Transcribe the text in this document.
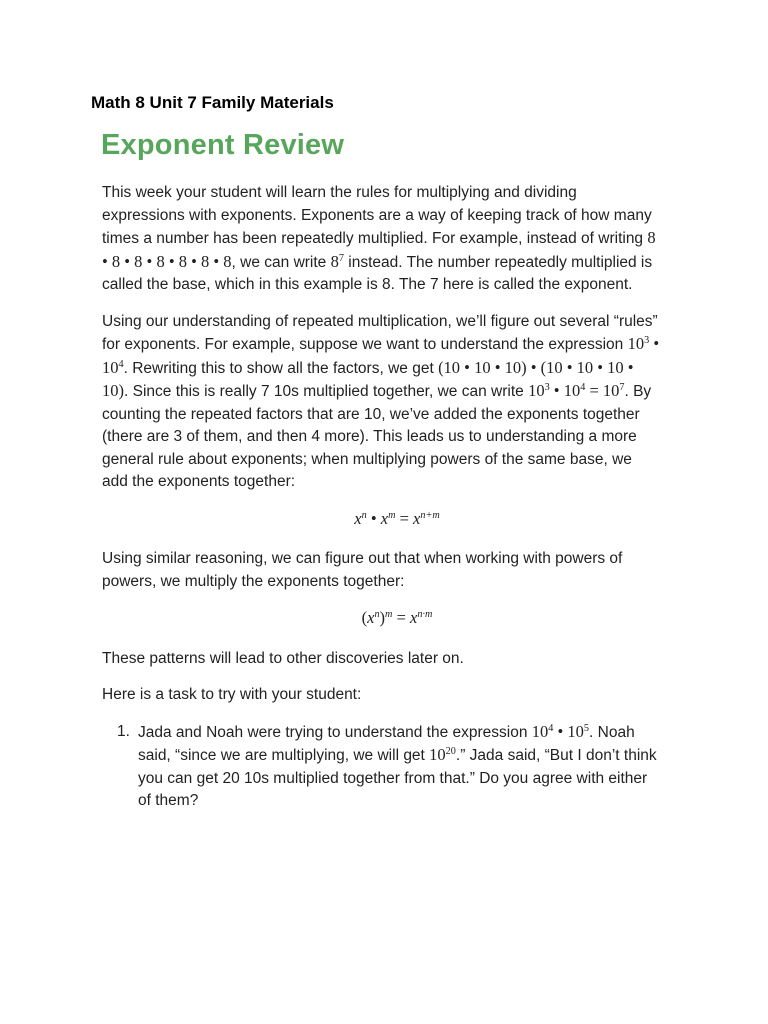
Math 8 Unit 7 Family Materials
Exponent Review

This week your student will learn the rules for multiplying and dividing expressions with exponents. Exponents are a way of keeping track of how many times a number has been repeatedly multiplied. For example, instead of writing 8 • 8 • 8 • 8 • 8 • 8 • 8, we can write $8^7$ instead. The number repeatedly multiplied is called the base, which in this example is 8. The 7 here is called the exponent.

Using our understanding of repeated multiplication, we’ll figure out several “rules” for exponents. For example, suppose we want to understand the expression $10^3$ • $10^4$. Rewriting this to show all the factors, we get (10 • 10 • 10) • (10 • 10 • 10 • 10). Since this is really 7 10s multiplied together, we can write $10^3$ • $10^4 = 10^7$. By counting the repeated factors that are 10, we’ve added the exponents together (there are 3 of them, and then 4 more). This leads us to understanding a more general rule about exponents; when multiplying powers of the same base, we add the exponents together:

$x^n$ • $x^m = x^{n+m}$

Using similar reasoning, we can figure out that when working with powers of powers, we multiply the exponents together:

$(x^n)^m = x^{n\cdot m}$

These patterns will lead to other discoveries later on.

Here is a task to try with your student:

1. Jada and Noah were trying to understand the expression $10^4$ • $10^5$. Noah said, “since we are multiplying, we will get $10^{20}$.” Jada said, “But I don’t think you can get 20 10s multiplied together from that.” Do you agree with either of them?
